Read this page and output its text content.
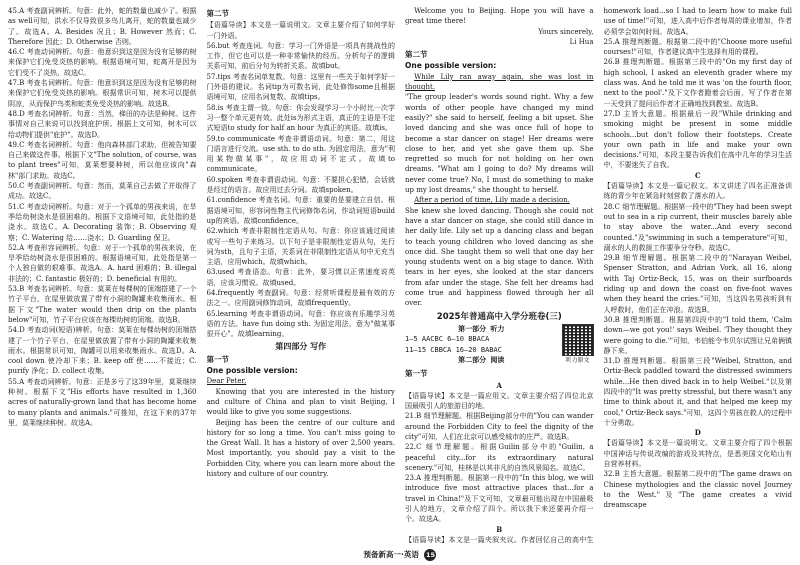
45.A 考查副词辨析。句意：此外，蛇的数量也减少了。根据as well可知，洪水不仅导致很多鸟儿离开，蛇的数量也减少了。故选A。A. Besides 况且；B. However 然而；C. Therefore 因此；D. Otherwise 否则。

46.C 考查动词辨析。句意：他意识到这是因为没有足够的树来保护它们免受炎热的影响。根据语境可知，蛇离开是因为它们受不了炎热，故选C。

47.B 考查名词辨析。句意：他意识到这是因为没有足够的树来保护它们免受炎热的影响。根据常识可知，树木可以提供阴凉，从而保护鸟类和蛇类免受炎热的影响。故选B。

48.D 考查名词辨析。句意：当然，梯田的办法是种树。这件事情对自己来说可以找到庇护所。根据上文可知，树木可以给动物们提供"庇护"。故选D。

49.C 考查名词辨析。句意：他向森林部门求助，但被告知要自己来做这件事。根据下文"The solution, of course, was to plant trees"可知，莫莱想要种树，所以他应该向"森林"部门求助。故选C。

50.C 考查副词辨析。句意：然而，莫莱自己去做了并取得了成功。故选C。

51.C 考查动词辨析。句意：对于一个孤单的男孩来说，在旱季给幼树浇水是很困难的。根据下文语境可知，此处指的是浇水。故选C。A. Decorating 装饰；B. Observing 观察；C. Watering 给……浇水；D. Guarding 保卫。

52.A 考查形容词辨析。句意：对于一个孤单的男孩来说，在旱季给幼树浇水是很困难的。根据语境可知，此处指是第一个人独自做的艰难事。故选A。A. hard 困难的；B. illegal 非法的；C. fantastic 极好的；D. beneficial 有用的。

53.B 考查名词辨析。句意：莫莱在每棵树的顶端搭建了一个竹子平台，在屋里做放置了带有小洞的陶罐来收集雨水。根据下文"The water would then drip on the plants below"可知，竹子平台应该在每棵幼树的顶端。故选B。

54.D 考查动词(短语)辨析。句意：莫莱在每棵幼树的顶端搭建了一个竹子平台，在屋里做放置了带有小洞的陶罐来收集雨水。根据常识可知，陶罐可以用来收集雨水。故选D。A. cool down 使冷却下来；B. keep off 使……不接近；C. purify 净化；D. collect 收集。

55.A 考查动词辨析。句意：正是多亏了这39年里，莫莱继续种树。根据下文"His efforts have resulted in 1,360 acres of naturally-grown land that has become home to many plants and animals."可推知，在这下来的37年里，莫莱继续种树。故选A。

第二节

【语篇导读】本文是一篇说明文。文章主要介绍了如何学好一门外语。

56.but 考查连词。句意：学习一门外语是一项具有挑战性的工作，但它也可以是一种非常愉快的经历。分析句子的逻辑关系可知，前后分句为转折关系。故填but。

57.tips 考查名词单复数。句意：这里有一些关于如何学好一门外语的建议。名词tip为可数名词，此处修饰some且根据语境可知，应用名词复数。故填tips。

58.is 考查主谓一致。句意：你会发现学习一个小时比一次学习一整个单元更有效。此处is为形式主语，真正的主语是不定式短语to study for half an hour 为真正的宾语。故填is。

59.to communicate 考查非谓语动词。句意：第二，用这门语言进行交流。use sth. to do sth. 为固定用法，意为"利用某物做某事"，故应用动词不定式。故填to communicate。

60.spoken 考查非谓语动词。句意：不要担心犯错，会话就是经过的语言。故应用过去分词。故填spoken。

61.confidence 考查名词。句意：重要的是要建立自信。根据语境可知，形容词性物主代词修饰名词，作动词短语build up的宾语。故填confidence。

62.which 考查非限制性定语从句。句意：你应该通过阅读或写一些句子来练习。以下句子是非限制性定语从句，先行词为sth，且句子主语，关系词在非限制性定语从句中无充当主语，应用which。故填which。

63.used 考查语态。句意：此外，要习惯以正常速度说英语，应该习惯说。故填used。

64.frequently 考查副词。句意：经常听课程是最有效的方法之一。应用副词修饰动词，故填frequently。

65.learning 考查非谓语动词。句意：你应该有乐趣学习英语的方法。have fun doing sth. 为固定用法，意为"做某事很开心"。故填learning。

第四部分 写作
第一节

One possible version:

Dear Peter,

Knowing that you are interested in the history and culture of China and plan to visit Beijing, I would like to give you some suggestions.

Beijing has been the centre of our culture and history for so long a time. You can't miss going to the Great Wall. It has a history of over 2,500 years. Most importantly, you should pay a visit to the Forbidden City, where you can learn more about the history and culture of our country.

Welcome you to Beijing. Hope you will have a great time there!

Yours sincerely,

Li Hua

第二节

One possible version:

While Lily ran away again, she was lost in thought.

"The group leader's words sound right. Why a few words of other people have changed my mind easily?" she said to herself, feeling a bit upset. She loved dancing and she was once full of hope to become a star dancer on stage! Her dreams were close to her, and yet she gave them up. She regretted so much for not holding on her own dreams. "What am I going to do? My dreams will never come true? No, I must do something to make up my lost dreams," she thought to herself.

After a period of time, Lily made a decision.

She knew she loved dancing. Though she could not have a star dancer on stage, she could still dance in her daily life. Lily set up a dancing class and began to teach young children who loved dancing as she once did. She taught them so well that one day her young students went on a big stage to dance. With tears in her eyes, she looked at the star dancers from afar under the stage. She felt her dreams had come true and happiness flowed through her all over.

2025年普通高中入学分班卷(三)
第一部分 听力
1—5 AACBC 6—10 BBACA
11—15 CBBCA 16—20 BABAC
第二部分 阅读	听力原文
第一节
A

【语篇导读】本文是一篇应用文。文章主要介绍了四位北京国最吸引人的旅游目的地。

21.B 细节理解题。根据Beijing部分中的"You can wander around the Forbidden City to feel the dignity of the city"可知，人们在北京可以感受城市的庄严。故选B。

22.C 细节理解题。根据Guilin部分中的"Guilin, a peaceful city...for its extraordinary natural scenery."可知，桂林是以其非凡的自然风景闻名。故选C。

23.A 推理判断题。根据第一段中的"In this blog, we will introduce five most attractive places that...for a travel in China!"及下文可知，文章最可能出现在中国最吸引人的地方，文章介绍了四个。所以我下来还要再介绍一个。故选A。

B

【语篇导读】本文是一篇夹叙夹议。作者回忆自己的高中生

homework load...so I had to learn how to make full use of time!"可知，进入高中后作者每周的课业增加，作者必须学会如何时间。故选A。

25.A 推理判断题。根据第二段中的"Choose more useful courses!"可知，作者建议高中生选择有用的课程。

26.B 推理判断题。根据第三段中的"On my first day of high school, I asked an eleventh grader where my class was. And he told me it was 'on the fourth floor, next to the pool'."及下文作者蹬着会后面，写了作者在第一天受到了提问后作者才正确地找到教室。故选B。

27.D 主旨大意题。根据最后一段"While drinking and smoking might be present in some middle schools...but don't follow their footsteps. Create your own path in life and make your own decisions."可知，本段主要告诉我们在高中几年的学习生活中，不要迷失了自我。

C

【语篇导读】本文是一篇记叙文。本文讲述了四名正准备训练的青少年在紧急时刻营救了落水的人。

28.C 细节理解题。根据第一段中的"They had been swept out to sea in a rip current, their muscles barely able to stay above the water...And every second counted."及"swimming in such a temperature"可知，溺水的人的救援工作要争分夺秒。故选C。

29.B 细节理解题。根据第二段中的"Narayan Weibel, Spenser Stratton, and Adrian Vork, all 16, along with Taj Ortiz-Beck, 15, was on their surfboards riding up and down the coast on five-foot waves when they heard the cries."可知，当这四名男孩听到有人呼救时，他们正在冲浪。故选B。

30.B 推理判断题。根据第四段中的"I told them, 'Calm down—we got you!' says Weibel. 'They thought they were going to die.'"可知，韦伯能令韦贝尔试图让兄弟俩镇静下来。

31.D 推理判断题。根据第三段"Weibel, Stratton, and Ortiz-Beck paddled toward the distressed swimmers while...He then dived back in to help Weibel."以及第四段中的"It was pretty stressful, but there wasn't any time to think about it, and that helped me keep my cool," Ortiz-Beck says."可知，这四个男孩在救人的过程中十分勇敢。

D

【语篇导读】本文是一篇说明文。文章主要介绍了四个根据中国神话与传说改编的游戏及其特点，是悉美国文化哈山有自营养材料。

32.B 主旨大意题。根据第二段中的"The game draws on Chinese mythologies and the classic novel Journey to the West."及"The game creates a vivid dreamscape

预备新高一·英语 15
